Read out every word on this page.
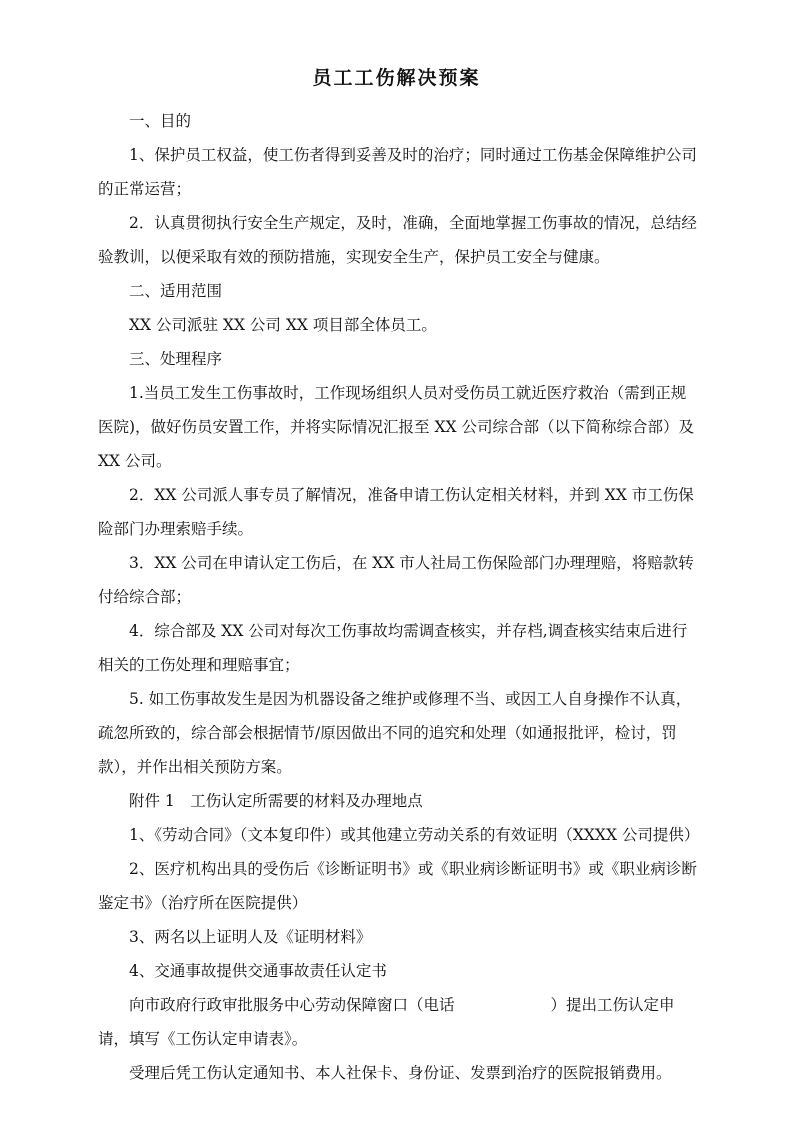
员工工伤解决预案

一、目的

1、保护员工权益，使工伤者得到妥善及时的治疗；同时通过工伤基金保障维护公司的正常运营；

2．认真贯彻执行安全生产规定，及时，准确，全面地掌握工伤事故的情况，总结经验教训，以便采取有效的预防措施，实现安全生产，保护员工安全与健康。

二、适用范围

XX 公司派驻 XX 公司 XX 项目部全体员工。

三、处理程序

1.当员工发生工伤事故时，工作现场组织人员对受伤员工就近医疗救治（需到正规医院)，做好伤员安置工作，并将实际情况汇报至 XX 公司综合部（以下简称综合部）及 XX 公司。

2．XX 公司派人事专员了解情况，准备申请工伤认定相关材料，并到 XX 市工伤保险部门办理索赔手续。

3．XX 公司在申请认定工伤后，在 XX 市人社局工伤保险部门办理理赔，将赔款转付给综合部；

4．综合部及 XX 公司对每次工伤事故均需调查核实，并存档,调查核实结束后进行相关的工伤处理和理赔事宜；

5. 如工伤事故发生是因为机器设备之维护或修理不当、或因工人自身操作不认真，疏忽所致的，综合部会根据情节/原因做出不同的追究和处理（如通报批评，检讨，罚款），并作出相关预防方案。

附件 1　工伤认定所需要的材料及办理地点

1、《劳动合同》（文本复印件）或其他建立劳动关系的有效证明（XXXX 公司提供）

2、医疗机构出具的受伤后《诊断证明书》或《职业病诊断证明书》或《职业病诊断鉴定书》（治疗所在医院提供）

3、两名以上证明人及《证明材料》

4、交通事故提供交通事故责任认定书

向市政府行政审批服务中心劳动保障窗口（电话	）提出工伤认定申请，填写《工伤认定申请表》。

受理后凭工伤认定通知书、本人社保卡、身份证、发票到治疗的医院报销费用。
